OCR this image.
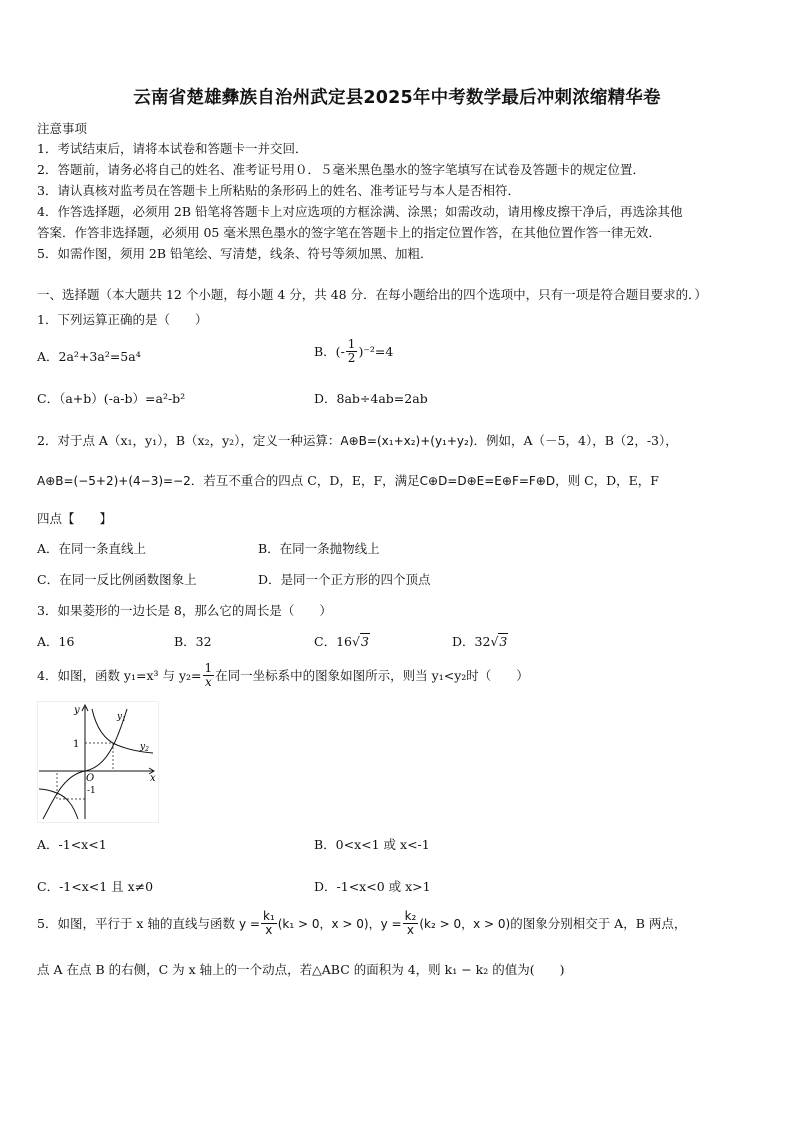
云南省楚雄彝族自治州武定县2025年中考数学最后冲刺浓缩精华卷
注意事项
1．考试结束后，请将本试卷和答题卡一并交回．
2．答题前，请务必将自己的姓名、准考证号用０．５毫米黑色墨水的签字笔填写在试卷及答题卡的规定位置．
3．请认真核对监考员在答题卡上所粘贴的条形码上的姓名、准考证号与本人是否相符．
4．作答选择题，必须用 2B 铅笔将答题卡上对应选项的方框涂满、涂黑；如需改动，请用橡皮擦干净后，再选涂其他
答案．作答非选择题，必须用 05 毫米黑色墨水的签字笔在答题卡上的指定位置作答，在其他位置作答一律无效．
5．如需作图，须用 2B 铅笔绘、写清楚，线条、符号等须加黑、加粗．
一、选择题（本大题共 12 个小题，每小题 4 分，共 48 分．在每小题给出的四个选项中，只有一项是符合题目要求的．）
1．下列运算正确的是（　　）
A．2a²+3a²=5a⁴	B．(- $\frac{1}{2} )^{-2}=4$
C．（a+b）(-a-b）=a²-b²	D．8ab÷4ab=2ab
2．对于点 A（x₁，y₁），B（x₂，y₂），定义一种运算：A⊕B=(x₁+x₂)+(y₁+y₂)．例如，A（－5，4），B（2，-3），
A⊕B=(−5+2)+(4−3)=−2．若互不重合的四点 C，D，E，F，满足C⊕D=D⊕E=E⊕F=F⊕D，则 C，D，E，F
四点【　　】
A．在同一条直线上	B．在同一条抛物线上
C．在同一反比例函数图象上	D．是同一个正方形的四个顶点
3．如果菱形的一边长是 8，那么它的周长是（　　）
A．16	B．32	C．16√3	D．32√3
4．如图，函数 y₁=x³ 与 $y_2= \frac{1}{x}$ 在同一坐标系中的图象如图所示，则当 y₁<y₂时（　　）
y
x
O
1
-1
$y_1$
$y_2$
A．-1<x<1	B．0<x<1 或 x<-1
C．-1<x<1 且 x≠0	D．-1<x<0 或 x>1
5．如图，平行于 x 轴的直线与函数 $y = \frac{\text{k₁}}{x} (k_1 > 0$，x > 0) ，$y = \frac{\text{k₂}}{x} (k_2 > 0$，x > 0) 的图象分别相交于 A，B 两点，
点 A 在点 B 的右侧，C 为 x 轴上的一个动点，若△ABC 的面积为 4，则 k₁ − k₂ 的值为(　　)
